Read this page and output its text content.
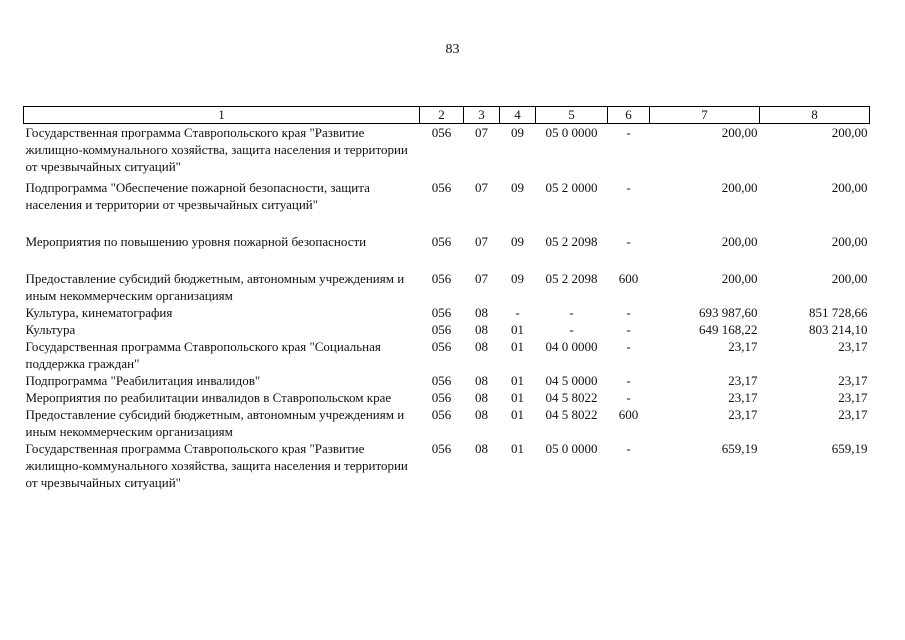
83
1	2	3	4	5	6	7	8
Государственная программа Ставропольского края "Развитие жилищно-коммунального хозяйства, защита населения и территории от чрезвычайных ситуаций"	056	07	09	05 0 0000	-	200,00	200,00
Подпрограмма "Обеспечение пожарной безопасности, защита населения и территории от чрезвычайных ситуаций"	056	07	09	05 2 0000	-	200,00	200,00

Мероприятия по повышению уровня пожарной безопасности	056	07	09	05 2 2098	-	200,00	200,00

Предоставление субсидий бюджетным, автономным учреждениям и иным некоммерческим организациям	056	07	09	05 2 2098	600	200,00	200,00
Культура, кинематография	056	08	-	-	-	693 987,60	851 728,66
Культура	056	08	01	-	-	649 168,22	803 214,10
Государственная программа Ставропольского края "Социальная поддержка граждан"	056	08	01	04 0 0000	-	23,17	23,17
Подпрограмма "Реабилитация инвалидов"	056	08	01	04 5 0000	-	23,17	23,17
Мероприятия по реабилитации инвалидов в Ставропольском крае	056	08	01	04 5 8022	-	23,17	23,17
Предоставление субсидий бюджетным, автономным учреждениям и иным некоммерческим организациям	056	08	01	04 5 8022	600	23,17	23,17
Государственная программа Ставропольского края "Развитие жилищно-коммунального хозяйства, защита населения и территории от чрезвычайных ситуаций"	056	08	01	05 0 0000	-	659,19	659,19
